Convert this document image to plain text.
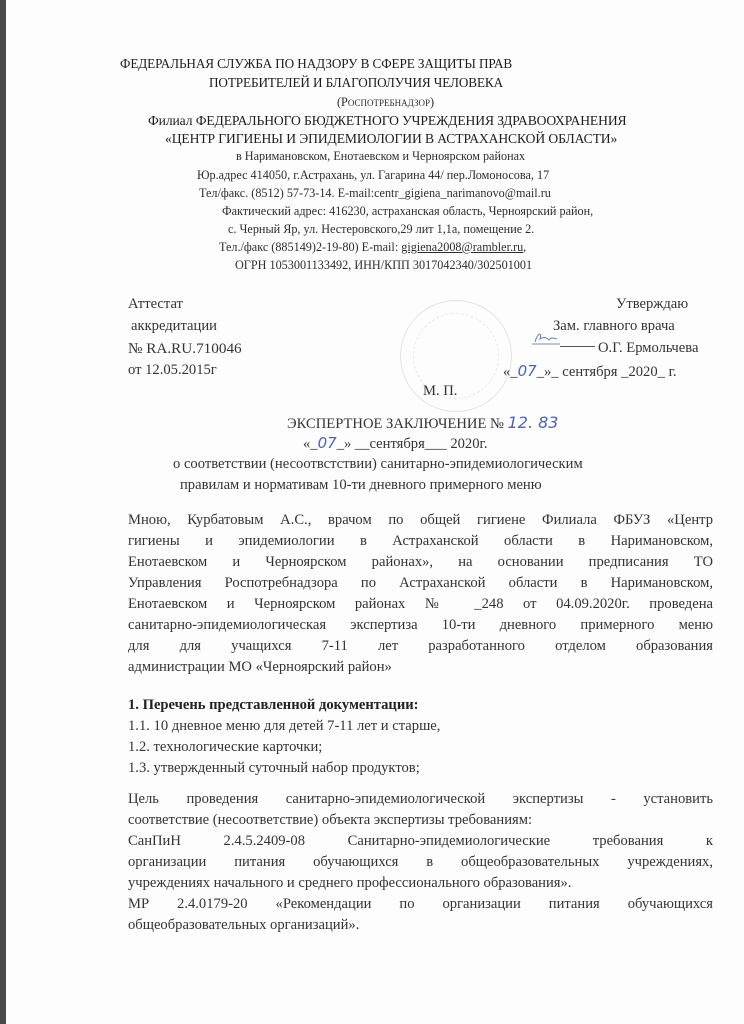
ФЕДЕРАЛЬНАЯ СЛУЖБА ПО НАДЗОРУ В СФЕРЕ ЗАЩИТЫ ПРАВ
ПОТРЕБИТЕЛЕЙ И БЛАГОПОЛУЧИЯ ЧЕЛОВЕКА
(Роспотребнадзор)
Филиал ФЕДЕРАЛЬНОГО БЮДЖЕТНОГО УЧРЕЖДЕНИЯ ЗДРАВООХРАНЕНИЯ
«ЦЕНТР ГИГИЕНЫ И ЭПИДЕМИОЛОГИИ В АСТРАХАНСКОЙ ОБЛАСТИ»
в Наримановском, Енотаевском и Черноярском районах
Юр.адрес 414050, г.Астрахань, ул. Гагарина 44/ пер.Ломоносова, 17
Тел/факс. (8512) 57-73-14. E-mail:centr_gigiena_narimanovo@mail.ru
Фактический адрес: 416230, астраханская область, Черноярский район,
с. Черный Яр, ул. Нестеровского,29 лит 1,1а, помещение 2.
Тел./факс (885149)2-19-80) E-mail: gigiena2008@rambler.ru,
ОГРН 1053001133492, ИНН/КПП 3017042340/302501001
Аттестат
аккредитации
№ RA.RU.710046
от 12.05.2015г
Утверждаю
Зам. главного врача
О.Г. Ермольчева
«_07_»_ сентября _2020_ г.
М. П.
ЭКСПЕРТНОЕ ЗАКЛЮЧЕНИЕ № 12. 83
«_07_» __сентября___ 2020г.
о соответствии (несоотвстствии) санитарно-эпидемиологическим
правилам и нормативам 10-ти дневного примерного меню
Мною, Курбатовым А.С., врачом по общей гигиене Филиала ФБУЗ «Центр
гигиены и эпидемиологии в Астраханской области в Наримановском,
Енотаевском и Черноярском районах», на основании предписания ТО
Управления Роспотребнадзора по Астраханской области в Наримановском,
Енотаевском и Черноярском районах № _248 от 04.09.2020г. проведена
санитарно-эпидемиологическая экспертиза 10-ти дневного примерного меню
для для учащихся 7-11 лет разработанного отделом образования
администрации МО «Черноярский район»
1. Перечень представленной документации:
1.1. 10 дневное меню для детей 7-11 лет и старше,
1.2. технологические карточки;
1.3. утвержденный суточный набор продуктов;
Цель проведения санитарно-эпидемиологической экспертизы - установить
соответствие (несоответствие) объекта экспертизы требованиям:
СанПиН 2.4.5.2409-08 Санитарно-эпидемиологические требования к
организации питания обучающихся в общеобразовательных учреждениях,
учреждениях начального и среднего профессионального образования».
МР 2.4.0179-20 «Рекомендации по организации питания обучающихся
общеобразовательных организаций».
